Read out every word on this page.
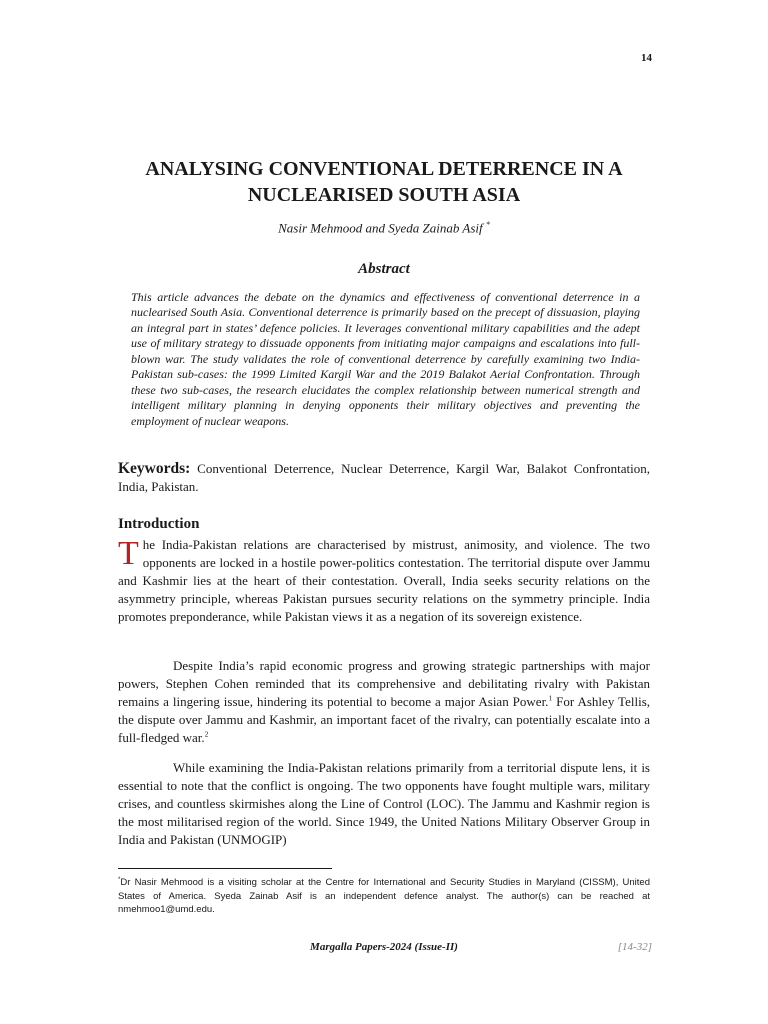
14
ANALYSING CONVENTIONAL DETERRENCE IN A NUCLEARISED SOUTH ASIA

Nasir Mehmood and Syeda Zainab Asif *

Abstract

This article advances the debate on the dynamics and effectiveness of conventional deterrence in a nuclearised South Asia. Conventional deterrence is primarily based on the precept of dissuasion, playing an integral part in states’ defence policies. It leverages conventional military capabilities and the adept use of military strategy to dissuade opponents from initiating major campaigns and escalations into full-blown war. The study validates the role of conventional deterrence by carefully examining two India-Pakistan sub-cases: the 1999 Limited Kargil War and the 2019 Balakot Aerial Confrontation. Through these two sub-cases, the research elucidates the complex relationship between numerical strength and intelligent military planning in denying opponents their military objectives and preventing the employment of nuclear weapons.

Keywords: Conventional Deterrence, Nuclear Deterrence, Kargil War, Balakot Confrontation, India, Pakistan.

Introduction

The India-Pakistan relations are characterised by mistrust, animosity, and violence. The two opponents are locked in a hostile power-politics contestation. The territorial dispute over Jammu and Kashmir lies at the heart of their contestation. Overall, India seeks security relations on the asymmetry principle, whereas Pakistan pursues security relations on the symmetry principle. India promotes preponderance, while Pakistan views it as a negation of its sovereign existence.

Despite India’s rapid economic progress and growing strategic partnerships with major powers, Stephen Cohen reminded that its comprehensive and debilitating rivalry with Pakistan remains a lingering issue, hindering its potential to become a major Asian Power.$^1$ For Ashley Tellis, the dispute over Jammu and Kashmir, an important facet of the rivalry, can potentially escalate into a full-fledged war.$^2$

While examining the India-Pakistan relations primarily from a territorial dispute lens, it is essential to note that the conflict is ongoing. The two opponents have fought multiple wars, military crises, and countless skirmishes along the Line of Control (LOC). The Jammu and Kashmir region is the most militarised region of the world. Since 1949, the United Nations Military Observer Group in India and Pakistan (UNMOGIP)

*Dr Nasir Mehmood is a visiting scholar at the Centre for International and Security Studies in Maryland (CISSM), United States of America. Syeda Zainab Asif is an independent defence analyst. The author(s) can be reached at nmehmoo1@umd.edu.

Margalla Papers-2024 (Issue-II)	[14-32]
